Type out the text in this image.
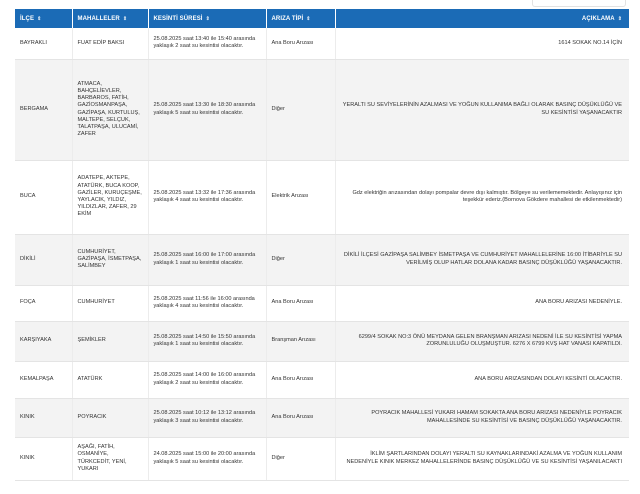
İLÇE ⇕	MAHALLELER ⇕	KESİNTİ SÜRESİ ⇕	ARIZA TİPİ ⇕	AÇIKLAMA ⇕
BAYRAKLI	FUAT EDİP BAKSI	25.08.2025 saat 13:40 ile 15:40 arasında yaklaşık 2 saat su kesintisi olacaktır.	Ana Boru Arızası	1614 SOKAK NO.14 İÇİN
BERGAMA	ATMACA, BAHÇELİEVLER, BARBAROS, FATİH, GAZİOSMANPAŞA, GAZİPAŞA, KURTULUŞ, MALTEPE, SELÇUK, TALATPAŞA, ULUCAMİ, ZAFER	25.08.2025 saat 13:30 ile 18:30 arasında yaklaşık 5 saat su kesintisi olacaktır.	Diğer	YERALTI SU SEVİYELERİNİN AZALMASI VE YOĞUN KULLANIMA BAĞLI OLARAK BASINÇ DÜŞÜKLÜĞÜ VE SU KESİNTİSİ YAŞANACAKTIR
BUCA	ADATEPE, AKTEPE, ATATÜRK, BUCA KOOP, GAZİLER, KURUÇEŞME, YAYLACIK, YILDIZ, YILDIZLAR, ZAFER, 29 EKİM	25.08.2025 saat 13:32 ile 17:36 arasında yaklaşık 4 saat su kesintisi olacaktır.	Elektrik Arızası	Gdz elektriğin arızasından dolayı pompalar devre dışı kalmıştır. Bölgeye su verilememektedir. Anlayışınız için teşekkür ederiz.(Bornova Gökdere mahallesi de etkilenmektedir)
DİKİLİ	CUMHURİYET, GAZİPAŞA, İSMETPAŞA, SALİMBEY	25.08.2025 saat 16:00 ile 17:00 arasında yaklaşık 1 saat su kesintisi olacaktır.	Diğer	DİKİLİ İLÇESİ GAZİPAŞA SALİMBEY İSMETPAŞA VE CUMHURİYET MAHALLELERİNE 16:00 İTİBARİYLE SU VERİLMİŞ OLUP HATLAR DOLANA KADAR BASINÇ DÜŞÜKLÜĞÜ YAŞANACAKTIR.
FOÇA	CUMHURİYET	25.08.2025 saat 11:56 ile 16:00 arasında yaklaşık 4 saat su kesintisi olacaktır.	Ana Boru Arızası	ANA BORU ARIZASI NEDENİYLE.
KARŞIYAKA	ŞEMİKLER	25.08.2025 saat 14:50 ile 15:50 arasında yaklaşık 1 saat su kesintisi olacaktır.	Branşman Arızası	6299/4 SOKAK NO:3 ÖNÜ MEYDANA GELEN BRANŞMAN ARIZASI NEDENİ İLE SU KESİNTİSİ YAPMA ZORUNLULUĞU OLUŞMUŞTUR. 6276 X 6799 KVŞ HAT VANASI KAPATILDI.
KEMALPAŞA	ATATÜRK	25.08.2025 saat 14:00 ile 16:00 arasında yaklaşık 2 saat su kesintisi olacaktır.	Ana Boru Arızası	ANA BORU ARIZASINDAN DOLAYI KESİNTİ OLACAKTIR.
KINIK	POYRACIK	25.08.2025 saat 10:12 ile 13:12 arasında yaklaşık 3 saat su kesintisi olacaktır.	Ana Boru Arızası	POYRACIK MAHALLESİ YUKARI HAMAM SOKAKTA ANA BORU ARIZASI NEDENİYLE POYRACIK MAHALLESİNDE SU KESİNTİSİ VE BASINÇ DÜŞÜKLÜĞÜ YAŞANACAKTIR.
KINIK	AŞAĞI, FATİH, OSMANİYE, TÜRKCEDİT, YENİ, YUKARI	24.08.2025 saat 15:00 ile 20:00 arasında yaklaşık 5 saat su kesintisi olacaktır.	Diğer	İKLİM ŞARTLARINDAN DOLAYI YERALTI SU KAYNAKLARINDAKİ AZALMA VE YOĞUN KULLANIM NEDENİYLE KINIK MERKEZ MAHALLELERİNDE BASINÇ DÜŞÜKLÜĞÜ VE SU KESİNTİSİ YAŞANILACAKTI
